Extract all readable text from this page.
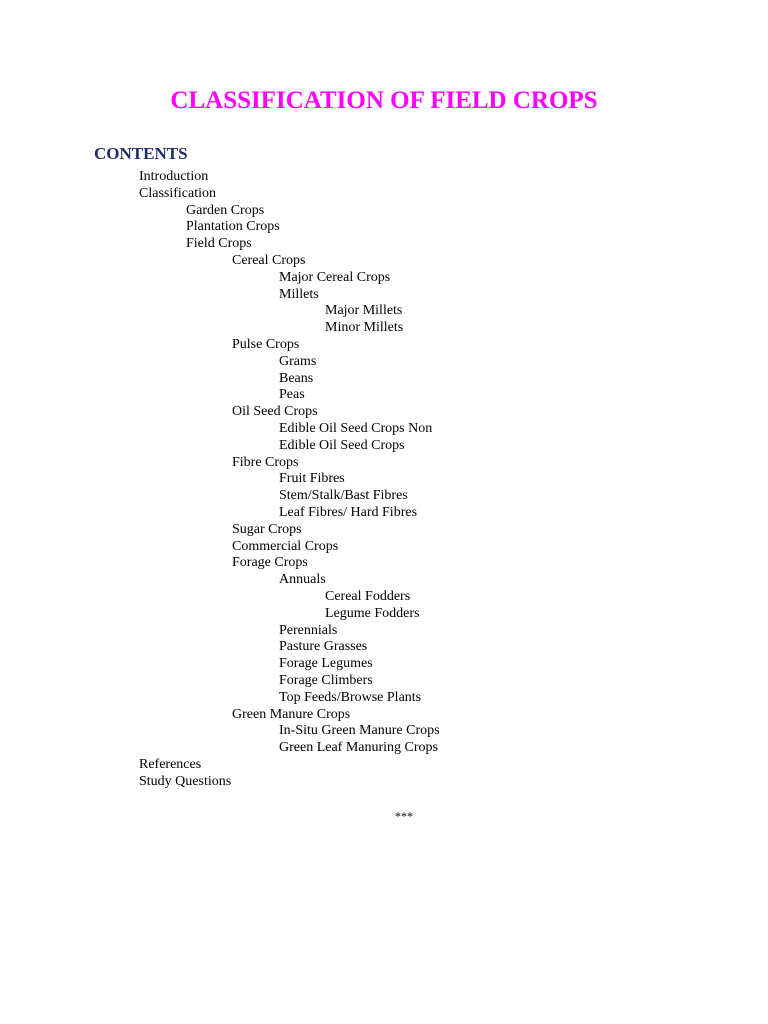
CLASSIFICATION OF FIELD CROPS
CONTENTS
Introduction
Classification
Garden Crops
Plantation Crops
Field Crops
Cereal Crops
Major Cereal Crops
Millets
Major Millets
Minor Millets
Pulse Crops
Grams
Beans
Peas
Oil Seed Crops
Edible Oil Seed Crops Non
Edible Oil Seed Crops
Fibre Crops
Fruit Fibres
Stem/Stalk/Bast Fibres
Leaf Fibres/ Hard Fibres
Sugar Crops
Commercial Crops
Forage Crops
Annuals
Cereal Fodders
Legume Fodders
Perennials
Pasture Grasses
Forage Legumes
Forage Climbers
Top Feeds/Browse Plants
Green Manure Crops
In-Situ Green Manure Crops
Green Leaf Manuring Crops
References
Study Questions
***
